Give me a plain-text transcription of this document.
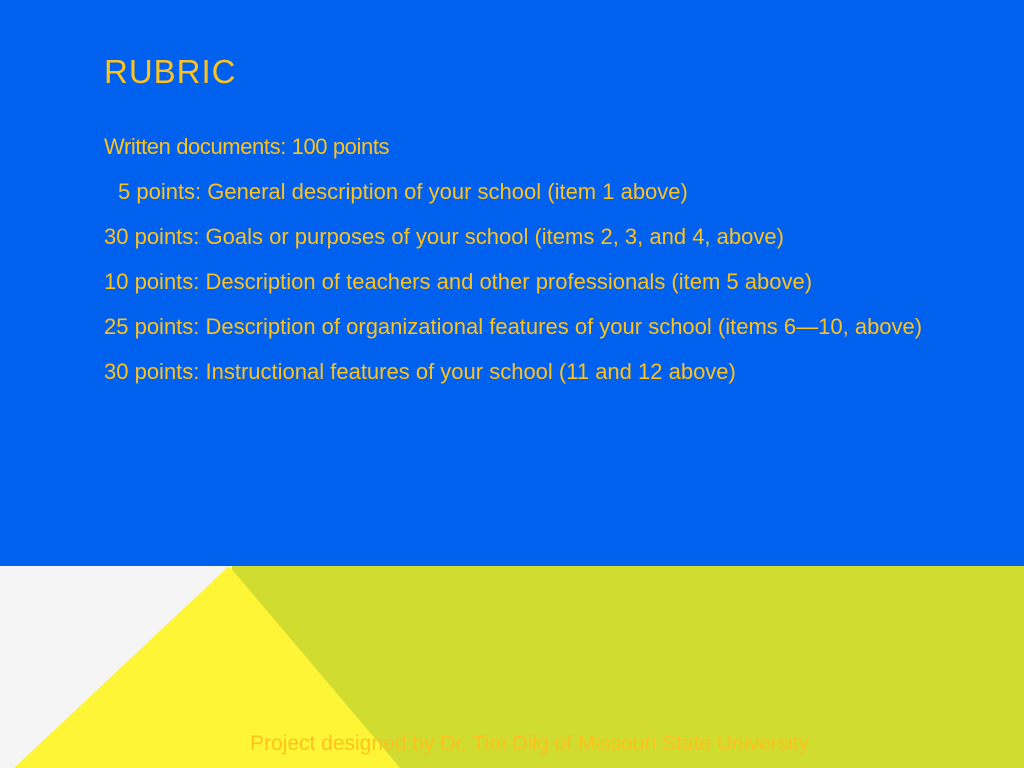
RUBRIC

Written documents: 100 points

5 points: General description of your school (item 1 above)

30 points: Goals or purposes of your school (items 2, 3, and 4, above)

10 points: Description of teachers and other professionals (item 5 above)

25 points: Description of organizational features of your school (items 6—10, above)

30 points: Instructional features of your school (11 and 12 above)

Project designed by Dr. Tim Dilg of Missouri State University
